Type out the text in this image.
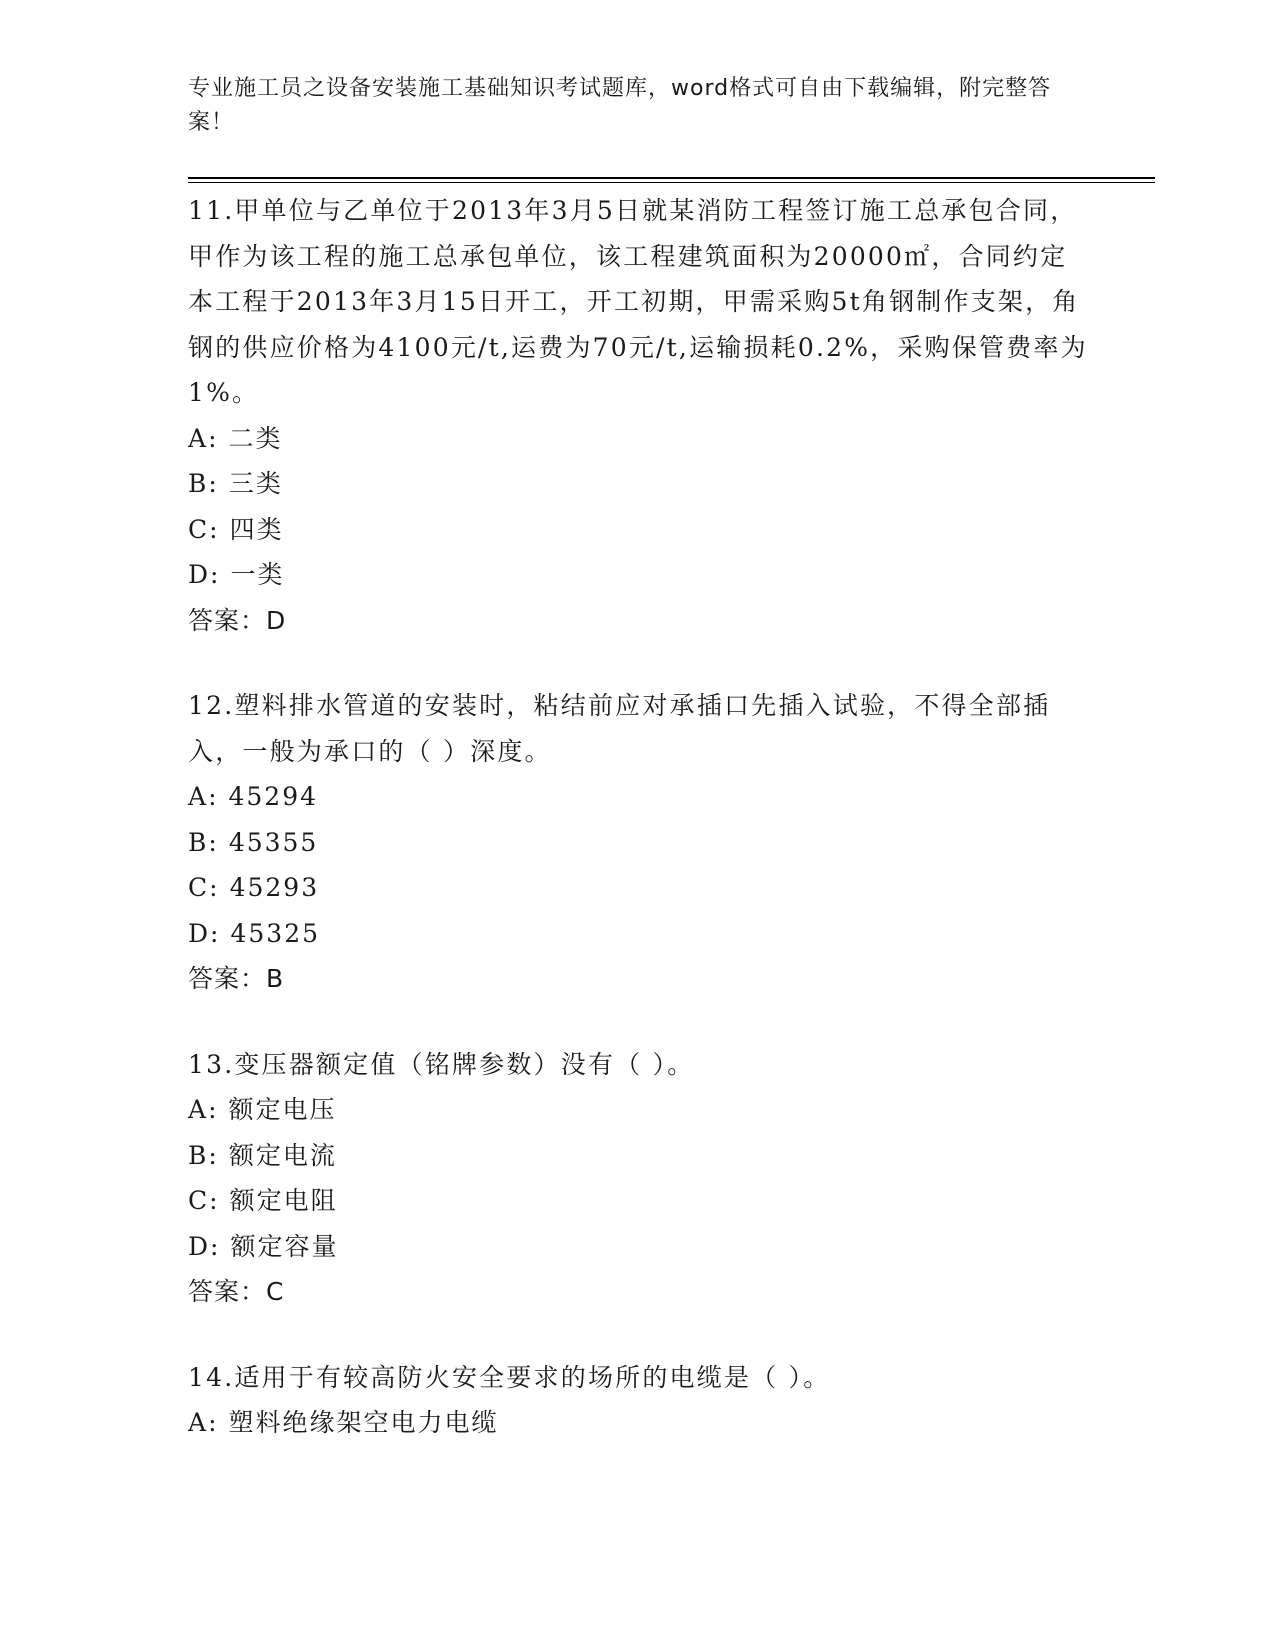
专业施工员之设备安装施工基础知识考试题库，word格式可自由下载编辑，附完整答案！
11.甲单位与乙单位于2013年3月5日就某消防工程签订施工总承包合同，甲作为该工程的施工总承包单位，该工程建筑面积为20000㎡，合同约定本工程于2013年3月15日开工，开工初期，甲需采购5t角钢制作支架，角钢的供应价格为4100元/t,运费为70元/t,运输损耗0.2%，采购保管费率为1%。
A: 二类
B: 三类
C: 四类
D: 一类
答案：D
12.塑料排水管道的安装时，粘结前应对承插口先插入试验，不得全部插入，一般为承口的（ ）深度。
A: 45294
B: 45355
C: 45293
D: 45325
答案：B
13.变压器额定值（铭牌参数）没有（ ）。
A: 额定电压
B: 额定电流
C: 额定电阻
D: 额定容量
答案：C
14.适用于有较高防火安全要求的场所的电缆是（ ）。
A: 塑料绝缘架空电力电缆
